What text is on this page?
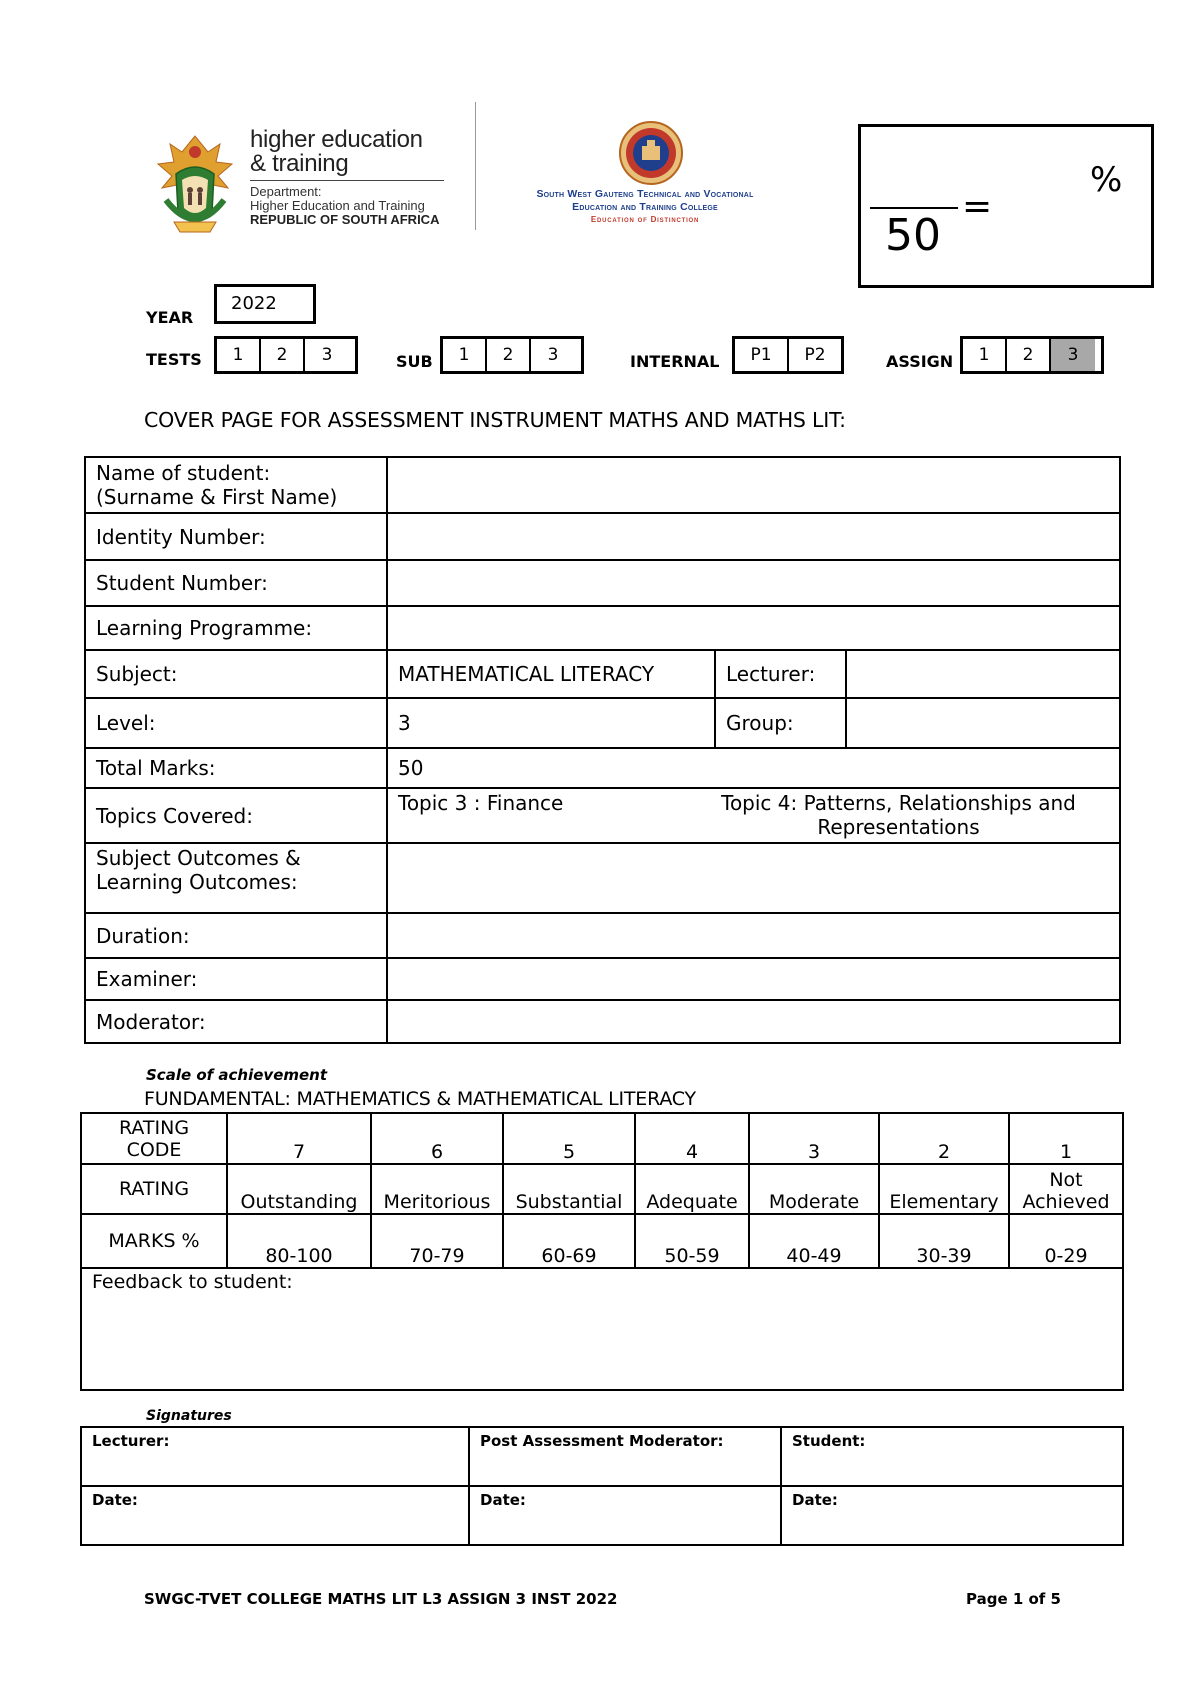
higher education
& training
Department:
Higher Education and Training
REPUBLIC OF SOUTH AFRICA
South West Gauteng Technical and Vocational
Education and Training College
Education of Distinction	50
=
%
YEAR
2022
TESTS	1	2	3	SUB	1	2	3	INTERNAL	P1	P2	ASSIGN	1	2	3
COVER PAGE FOR ASSESSMENT INSTRUMENT MATHS AND MATHS LIT:
Name of student:
(Surname & First Name)			

Identity Number:			
Student Number:			
Learning Programme:			
Subject:	MATHEMATICAL LITERACY	Lecturer:	
Level:	3	Group:	
Total Marks:	50		
Topics Covered:	Topic 3 : Finance Topic 4: Patterns, Relationships and
Representations		

Subject Outcomes &
Learning Outcomes:			

Duration:			
Examiner:			
Moderator:			
Scale of achievement
FUNDAMENTAL: MATHEMATICS & MATHEMATICAL LITERACY
RATING
CODE	7	6	5	4	3	2	1
RATING	Outstanding	Meritorious	Substantial	Adequate	Moderate	Elementary	Not
Achieved

MARKS %	80-100	70-79	60-69	50-59	40-49	30-39	0-29
Feedback to student:
Signatures
Lecturer:	Post Assessment Moderator:	Student:
Date:	Date:	Date:
SWGC-TVET COLLEGE MATHS LIT L3 ASSIGN 3 INST 2022	Page 1 of 5
